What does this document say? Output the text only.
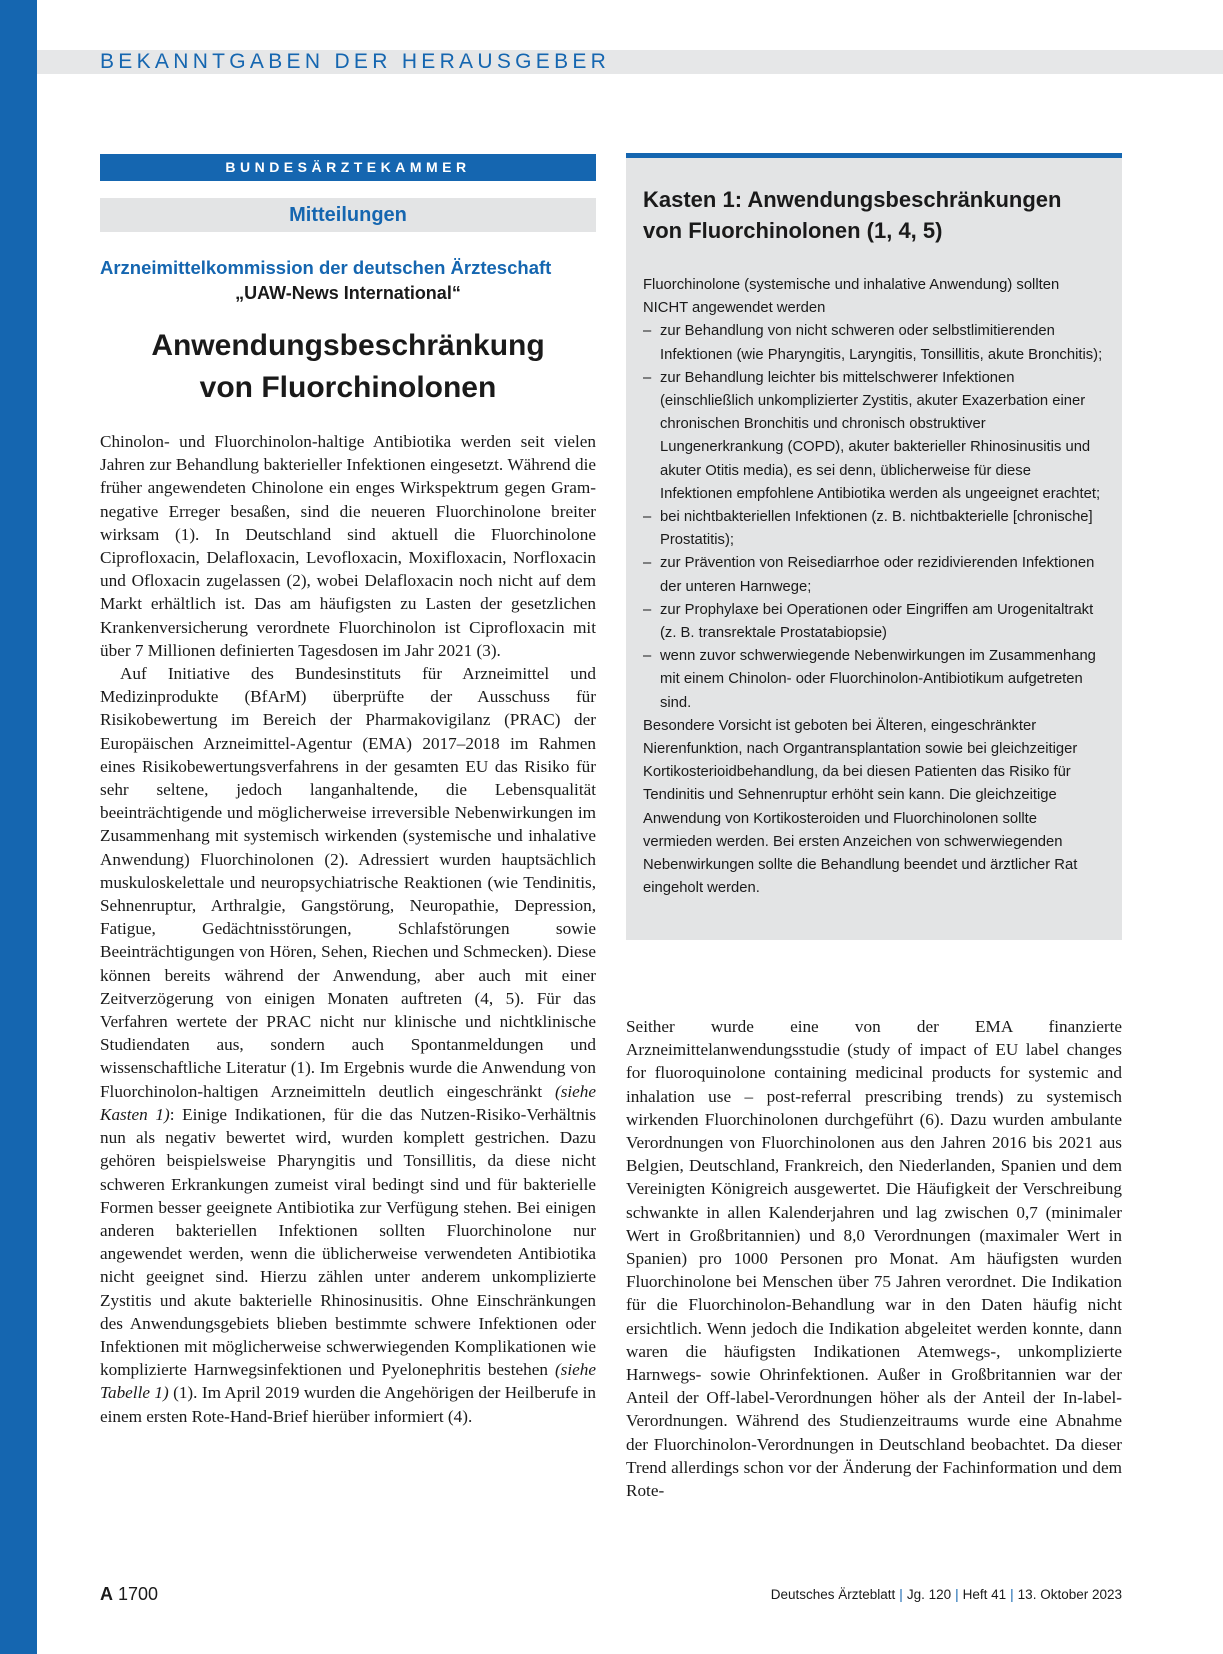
BEKANNTGABEN DER HERAUSGEBER
BUNDESÄRZTEKAMMER
Mitteilungen
Arzneimittelkommission der deutschen Ärzteschaft
„UAW-News International“
Anwendungsbeschränkung
von Fluorchinolonen

Chinolon- und Fluorchinolon-haltige Antibiotika werden seit vielen Jahren zur Behandlung bakterieller Infektionen eingesetzt. Während die früher angewendeten Chinolone ein enges Wirkspektrum gegen Gram-negative Erreger besaßen, sind die neueren Fluorchinolone breiter wirksam (1). In Deutschland sind aktuell die Fluorchinolone Ciprofloxacin, Delafloxacin, Levofloxacin, Moxifloxacin, Norfloxacin und Ofloxacin zugelassen (2), wobei Delafloxacin noch nicht auf dem Markt erhältlich ist. Das am häufigsten zu Lasten der gesetzlichen Krankenversicherung verordnete Fluorchinolon ist Ciprofloxacin mit über 7 Millionen definierten Tagesdosen im Jahr 2021 (3).

Auf Initiative des Bundesinstituts für Arzneimittel und Medizinprodukte (BfArM) überprüfte der Ausschuss für Risikobewertung im Bereich der Pharmakovigilanz (PRAC) der Europäischen Arzneimittel-Agentur (EMA) 2017–2018 im Rahmen eines Risikobewertungsverfahrens in der gesamten EU das Risiko für sehr seltene, jedoch langanhaltende, die Lebensqualität beeinträchtigende und möglicherweise irreversible Nebenwirkungen im Zusammenhang mit systemisch wirkenden (systemische und inhalative Anwendung) Fluorchinolonen (2). Adressiert wurden hauptsächlich muskuloskelettale und neuropsychiatrische Reaktionen (wie Tendinitis, Sehnenruptur, Arthralgie, Gangstörung, Neuropathie, Depression, Fatigue, Gedächtnisstörungen, Schlafstörungen sowie Beeinträchtigungen von Hören, Sehen, Riechen und Schmecken). Diese können bereits während der Anwendung, aber auch mit einer Zeitverzögerung von einigen Monaten auftreten (4, 5). Für das Verfahren wertete der PRAC nicht nur klinische und nichtklinische Studiendaten aus, sondern auch Spontanmeldungen und wissenschaftliche Literatur (1). Im Ergebnis wurde die Anwendung von Fluorchinolon-haltigen Arzneimitteln deutlich eingeschränkt (siehe Kasten 1): Einige Indikationen, für die das Nutzen-Risiko-Verhältnis nun als negativ bewertet wird, wurden komplett gestrichen. Dazu gehören beispielsweise Pharyngitis und Tonsillitis, da diese nicht schweren Erkrankungen zumeist viral bedingt sind und für bakterielle Formen besser geeignete Antibiotika zur Verfügung stehen. Bei einigen anderen bakteriellen Infektionen sollten Fluorchinolone nur angewendet werden, wenn die üblicherweise verwendeten Antibiotika nicht geeignet sind. Hierzu zählen unter anderem unkomplizierte Zystitis und akute bakterielle Rhinosinusitis. Ohne Einschränkungen des Anwendungsgebiets blieben bestimmte schwere Infektionen oder Infektionen mit möglicherweise schwerwiegenden Komplikationen wie komplizierte Harnwegsinfektionen und Pyelonephritis bestehen (siehe Tabelle 1) (1). Im April 2019 wurden die Angehörigen der Heilberufe in einem ersten Rote-Hand-Brief hierüber informiert (4).

Kasten 1: Anwendungsbeschränkungen
von Fluorchinolonen (1, 4, 5)

Fluorchinolone (systemische und inhalative Anwendung) sollten NICHT angewendet werden

– zur Behandlung von nicht schweren oder selbstlimitierenden Infektionen (wie Pharyngitis, Laryngitis, Tonsillitis, akute Bronchitis);
– zur Behandlung leichter bis mittelschwerer Infektionen (einschließlich unkomplizierter Zystitis, akuter Exazerbation einer chronischen Bronchitis und chronisch obstruktiver Lungenerkrankung (COPD), akuter bakterieller Rhinosinusitis und akuter Otitis media), es sei denn, üblicherweise für diese Infektionen empfohlene Antibiotika werden als ungeeignet erachtet;
– bei nichtbakteriellen Infektionen (z. B. nichtbakterielle [chronische] Prostatitis);
– zur Prävention von Reisediarrhoe oder rezidivierenden Infektionen der unteren Harnwege;
– zur Prophylaxe bei Operationen oder Eingriffen am Urogenitaltrakt (z. B. transrektale Prostatabiopsie)
– wenn zuvor schwerwiegende Nebenwirkungen im Zusammenhang mit einem Chinolon- oder Fluorchinolon-Antibiotikum aufgetreten sind.

Besondere Vorsicht ist geboten bei Älteren, eingeschränkter Nierenfunktion, nach Organtransplantation sowie bei gleichzeitiger Kortikosterioidbehandlung, da bei diesen Patienten das Risiko für Tendinitis und Sehnenruptur erhöht sein kann. Die gleichzeitige Anwendung von Kortikosteroiden und Fluorchinolonen sollte vermieden werden. Bei ersten Anzeichen von schwerwiegenden Nebenwirkungen sollte die Behandlung beendet und ärztlicher Rat eingeholt werden.

Seither wurde eine von der EMA finanzierte Arzneimittelanwendungsstudie (study of impact of EU label changes for fluoroquinolone containing medicinal products for systemic and inhalation use – post-referral prescribing trends) zu systemisch wirkenden Fluorchinolonen durchgeführt (6). Dazu wurden ambulante Verordnungen von Fluorchinolonen aus den Jahren 2016 bis 2021 aus Belgien, Deutschland, Frankreich, den Niederlanden, Spanien und dem Vereinigten Königreich ausgewertet. Die Häufigkeit der Verschreibung schwankte in allen Kalenderjahren und lag zwischen 0,7 (minimaler Wert in Großbritannien) und 8,0 Verordnungen (maximaler Wert in Spanien) pro 1000 Personen pro Monat. Am häufigsten wurden Fluorchinolone bei Menschen über 75 Jahren verordnet. Die Indikation für die Fluorchinolon-Behandlung war in den Daten häufig nicht ersichtlich. Wenn jedoch die Indikation abgeleitet werden konnte, dann waren die häufigsten Indikationen Atemwegs-, unkomplizierte Harnwegs- sowie Ohrinfektionen. Außer in Großbritannien war der Anteil der Off-label-Verordnungen höher als der Anteil der In-label-Verordnungen. Während des Studienzeitraums wurde eine Abnahme der Fluorchinolon-Verordnungen in Deutschland beobachtet. Da dieser Trend allerdings schon vor der Änderung der Fachinformation und dem Rote-

A 1700	Deutsches Ärzteblatt | Jg. 120 | Heft 41 | 13. Oktober 2023
